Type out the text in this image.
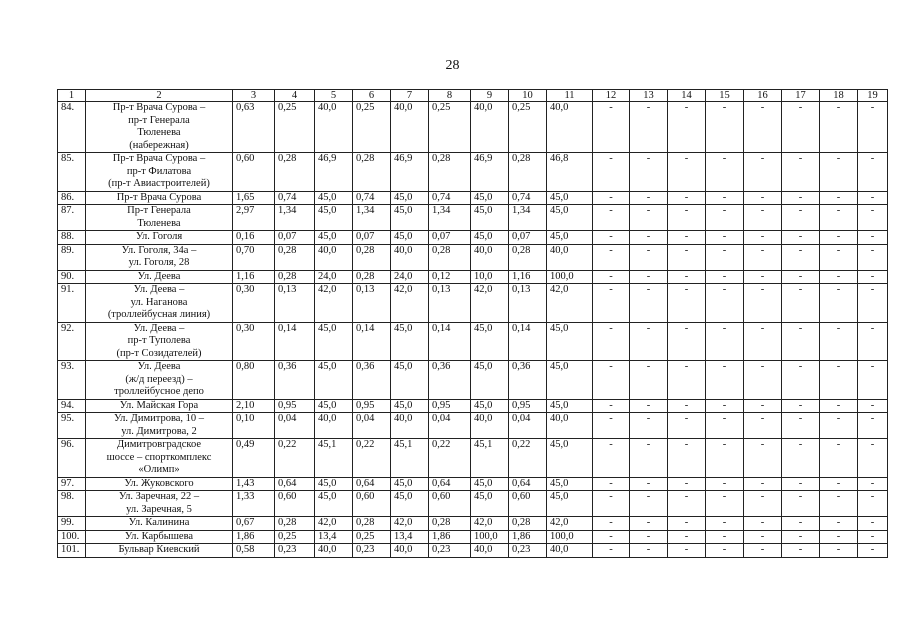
28
1	2	3	4	5	6	7	8	9	10	11	12	13	14	15	16	17	18	19
84.	Пр-т Врача Сурова –
пр-т Генерала
Тюленева
(набережная)	0,63	0,25	40,0	0,25	40,0	0,25	40,0	0,25	40,0	-	-	-	-	-	-	-	-
85.	Пр-т Врача Сурова –
пр-т Филатова
(пр-т Авиастроителей)	0,60	0,28	46,9	0,28	46,9	0,28	46,9	0,28	46,8	-	-	-	-	-	-	-	-
86.	Пр-т Врача Сурова	1,65	0,74	45,0	0,74	45,0	0,74	45,0	0,74	45,0	-	-	-	-	-	-	-	-
87.	Пр-т Генерала
Тюленева	2,97	1,34	45,0	1,34	45,0	1,34	45,0	1,34	45,0	-	-	-	-	-	-	-	-
88.	Ул. Гоголя	0,16	0,07	45,0	0,07	45,0	0,07	45,0	0,07	45,0	-	-	-	-	-	-	-	-
89.	Ул. Гоголя, 34а –
ул. Гоголя, 28	0,70	0,28	40,0	0,28	40,0	0,28	40,0	0,28	40,0	-	-	-	-	-	-	-	-
90.	Ул. Деева	1,16	0,28	24,0	0,28	24,0	0,12	10,0	1,16	100,0	-	-	-	-	-	-	-	-
91.	Ул. Деева –
ул. Наганова
(троллейбусная линия)	0,30	0,13	42,0	0,13	42,0	0,13	42,0	0,13	42,0	-	-	-	-	-	-	-	-
92.	Ул. Деева –
пр-т Туполева
(пр-т Созидателей)	0,30	0,14	45,0	0,14	45,0	0,14	45,0	0,14	45,0	-	-	-	-	-	-	-	-
93.	Ул. Деева
(ж/д переезд) –
троллейбусное депо	0,80	0,36	45,0	0,36	45,0	0,36	45,0	0,36	45,0	-	-	-	-	-	-	-	-
94.	Ул. Майская Гора	2,10	0,95	45,0	0,95	45,0	0,95	45,0	0,95	45,0	-	-	-	-	-	-	-	-
95.	Ул. Димитрова, 10 –
ул. Димитрова, 2	0,10	0,04	40,0	0,04	40,0	0,04	40,0	0,04	40,0	-	-	-	-	-	-	-	-
96.	Димитровградское
шоссе – спорткомплекс
«Олимп»	0,49	0,22	45,1	0,22	45,1	0,22	45,1	0,22	45,0	-	-	-	-	-	-	-	-
97.	Ул. Жуковского	1,43	0,64	45,0	0,64	45,0	0,64	45,0	0,64	45,0	-	-	-	-	-	-	-	-
98.	Ул. Заречная, 22 –
ул. Заречная, 5	1,33	0,60	45,0	0,60	45,0	0,60	45,0	0,60	45,0	-	-	-	-	-	-	-	-
99.	Ул. Калинина	0,67	0,28	42,0	0,28	42,0	0,28	42,0	0,28	42,0	-	-	-	-	-	-	-	-
100.	Ул. Карбышева	1,86	0,25	13,4	0,25	13,4	1,86	100,0	1,86	100,0	-	-	-	-	-	-	-	-
101.	Бульвар Киевский	0,58	0,23	40,0	0,23	40,0	0,23	40,0	0,23	40,0	-	-	-	-	-	-	-	-
